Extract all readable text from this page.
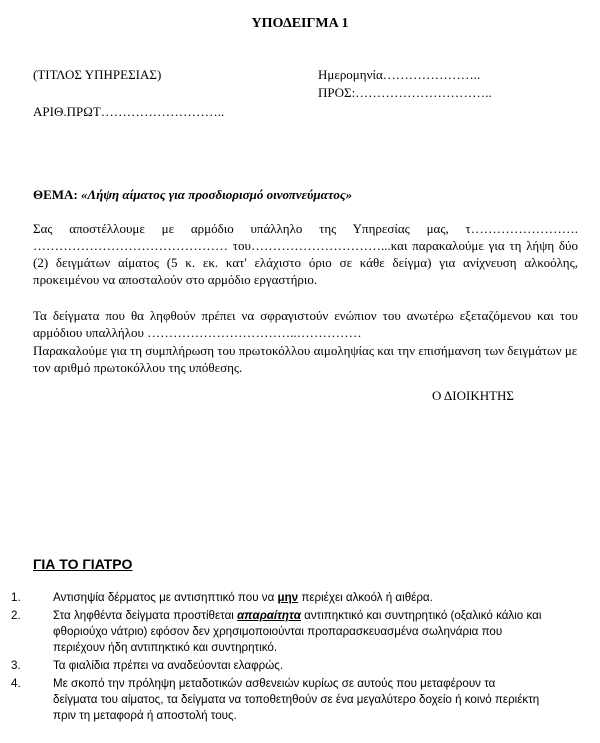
ΥΠΟΔΕΙΓΜΑ 1
(ΤΙΤΛΟΣ ΥΠΗΡΕΣΙΑΣ)
ΑΡΙΘ.ΠΡΩΤ………………………..
Ημερομηνία…………………..
ΠΡΟΣ:…………………………..
ΘΕΜΑ: «Λήψη αίματος για προσδιορισμό οινοπνεύματος»
Σας αποστέλλουμε με αρμόδιο υπάλληλο της Υπηρεσίας μας, τ……………………. ……………………………………… του…………………………...και παρακαλούμε για τη λήψη δύο (2) δειγμάτων αίματος (5 κ. εκ. κατ' ελάχιστο όριο σε κάθε δείγμα) για ανίχνευση αλκοόλης, προκειμένου να αποσταλούν στο αρμόδιο εργαστήριο.
Τα δείγματα που θα ληφθούν πρέπει να σφραγιστούν ενώπιον του ανωτέρω εξεταζόμενου και του αρμόδιου υπαλλήλου ……………………………..……………
Παρακαλούμε για τη συμπλήρωση του πρωτοκόλλου αιμοληψίας και την επισήμανση των δειγμάτων με τον αριθμό πρωτοκόλλου της υπόθεσης.
Ο ΔΙΟΙΚΗΤΗΣ
ΓΙΑ ΤΟ ΓΙΑΤΡΟ
1.	Αντισηψία δέρματος με αντισηπτικό που να μην περιέχει αλκοόλ ή αιθέρα.
2.	Στα ληφθέντα δείγματα προστίθεται απαραίτητα αντιπηκτικό και συντηρητικό (οξαλικό κάλιο και φθοριούχο νάτριο) εφόσον δεν χρησιμοποιούνται προπαρασκευασμένα σωληνάρια που περιέχουν ήδη αντιπηκτικό και συντηρητικό.
3.	Τα φιαλίδια πρέπει να αναδεύονται ελαφρώς.
4.	Με σκοπό την πρόληψη μεταδοτικών ασθενειών κυρίως σε αυτούς που μεταφέρουν τα δείγματα του αίματος, τα δείγματα να τοποθετηθούν σε ένα μεγαλύτερο δοχείο ή κοινό περιέκτη πριν τη μεταφορά ή αποστολή τους.
